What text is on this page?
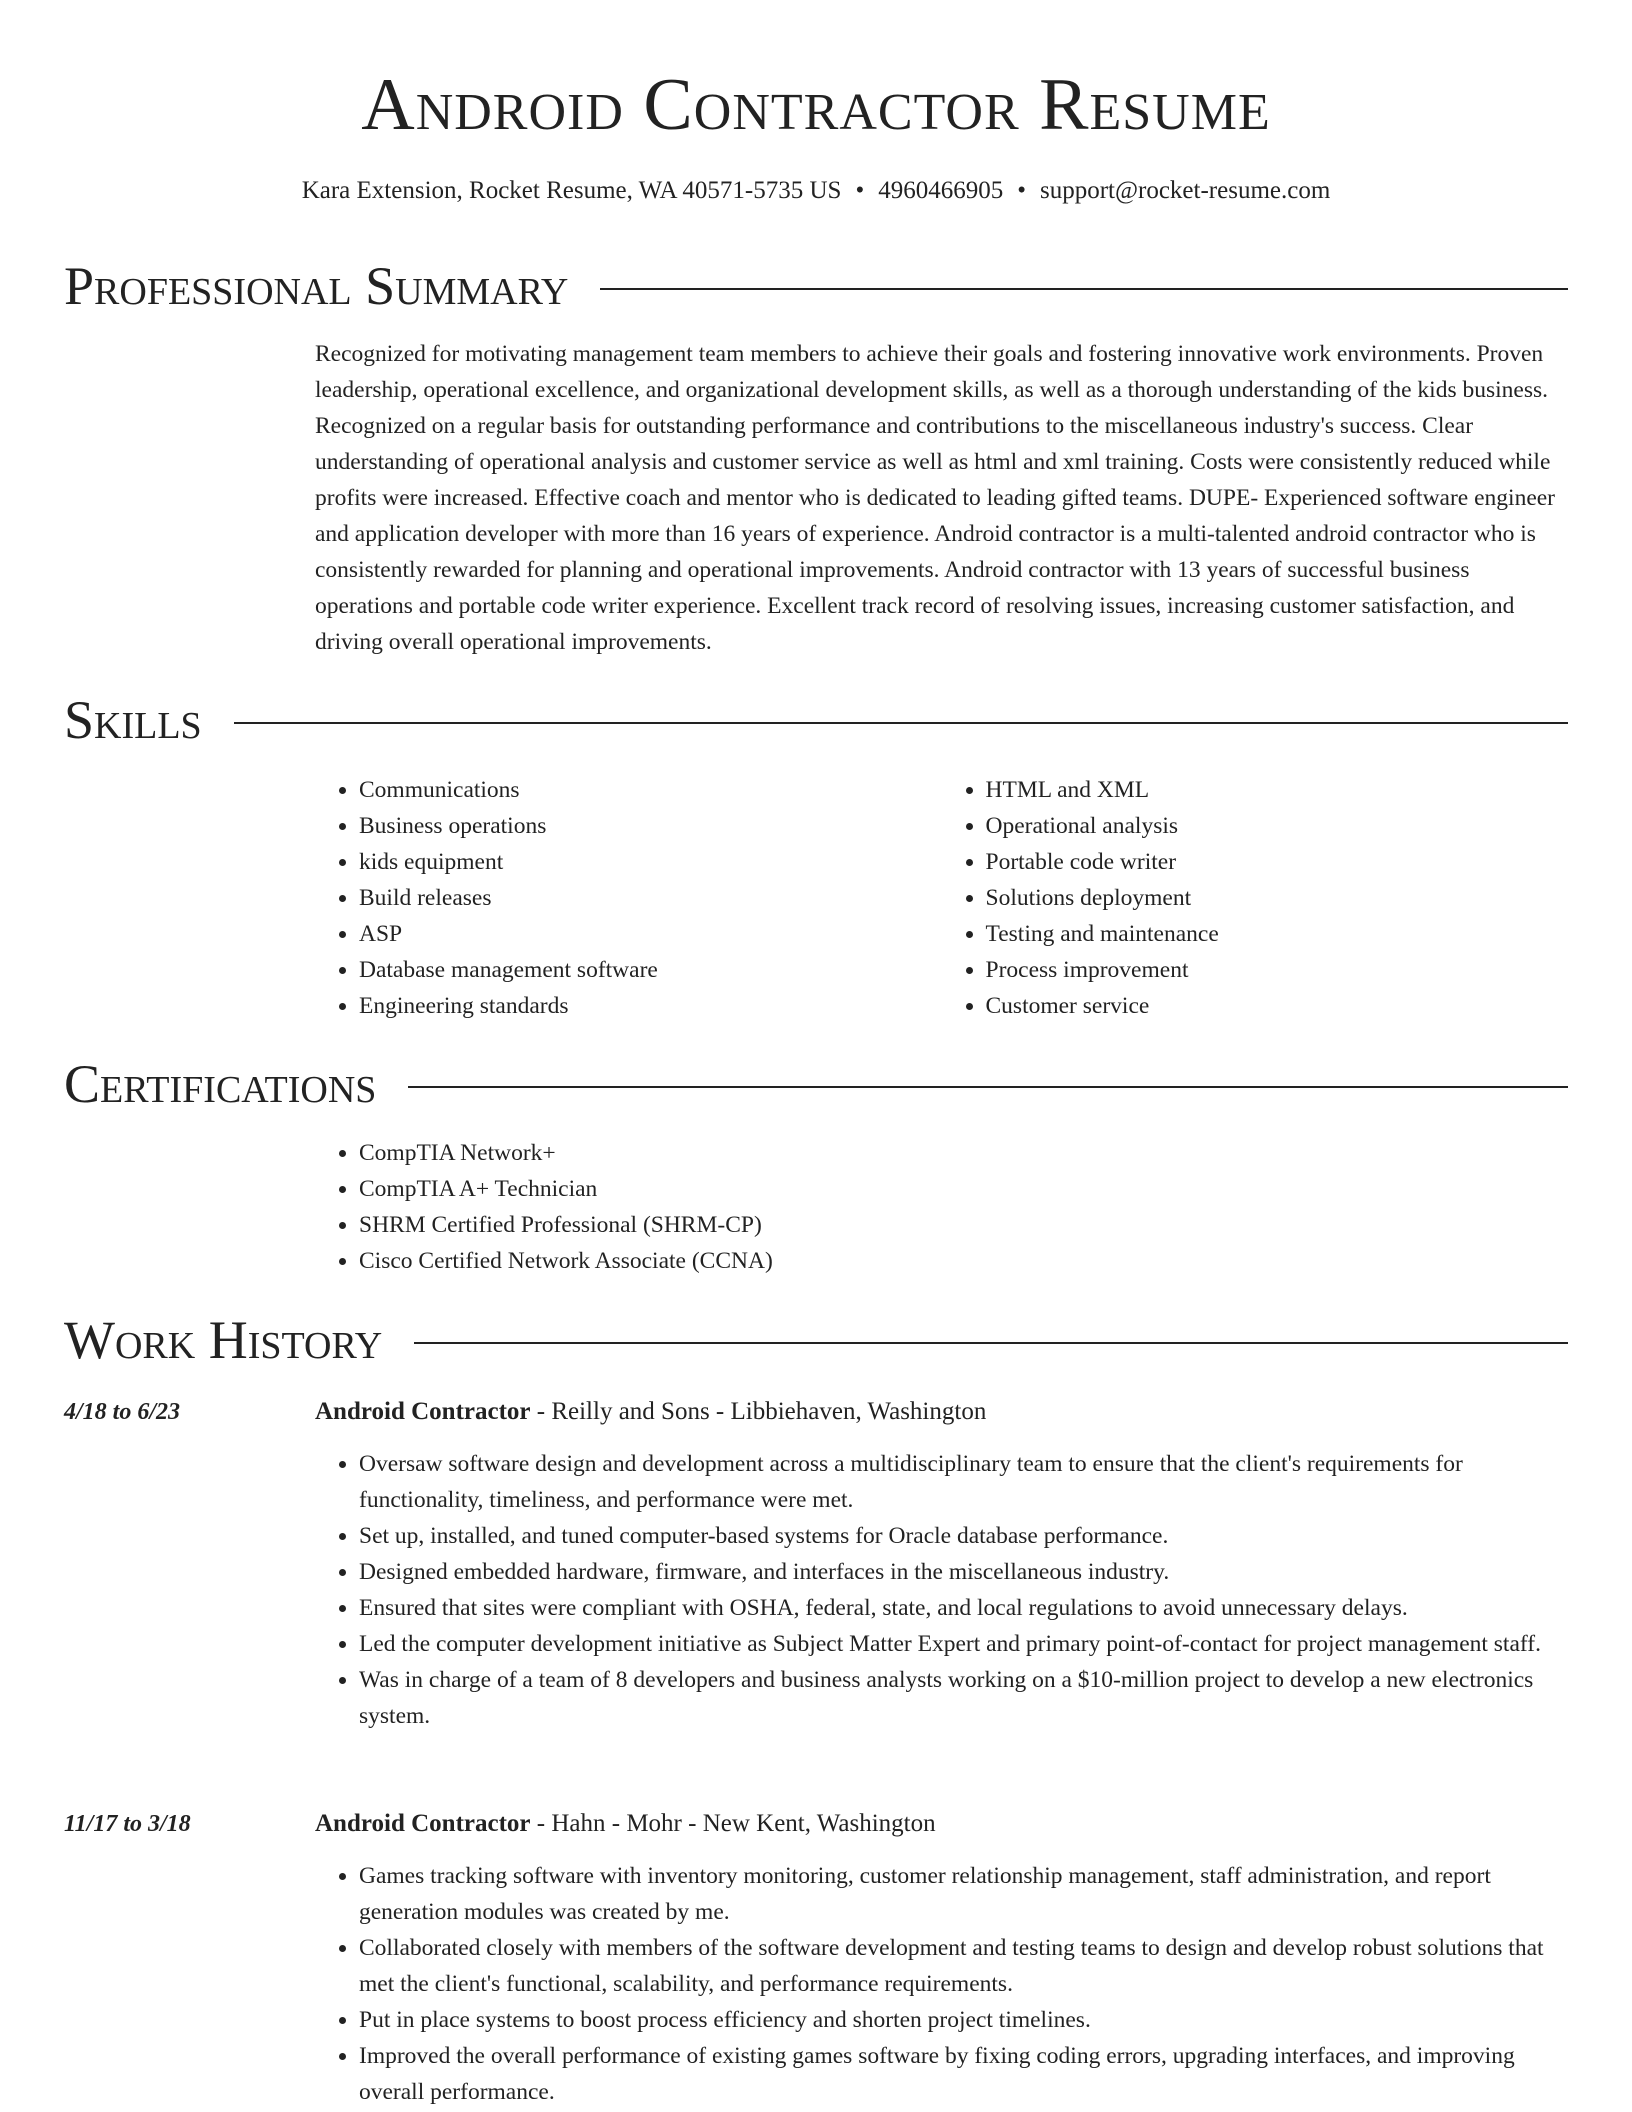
Android Contractor Resume
Kara Extension, Rocket Resume, WA 40571-5735 US • 4960466905 • support@rocket-resume.com
Professional Summary

Recognized for motivating management team members to achieve their goals and fostering innovative work environments. Proven leadership, operational excellence, and organizational development skills, as well as a thorough understanding of the kids business. Recognized on a regular basis for outstanding performance and contributions to the miscellaneous industry's success. Clear understanding of operational analysis and customer service as well as html and xml training. Costs were consistently reduced while profits were increased. Effective coach and mentor who is dedicated to leading gifted teams. DUPE- Experienced software engineer and application developer with more than 16 years of experience. Android contractor is a multi-talented android contractor who is consistently rewarded for planning and operational improvements. Android contractor with 13 years of successful business operations and portable code writer experience. Excellent track record of resolving issues, increasing customer satisfaction, and driving overall operational improvements.

Skills
• Communications
• Business operations
• kids equipment
• Build releases
• ASP
• Database management software
• Engineering standards
• HTML and XML
• Operational analysis
• Portable code writer
• Solutions deployment
• Testing and maintenance
• Process improvement
• Customer service
Certifications
• CompTIA Network+
• CompTIA A+ Technician
• SHRM Certified Professional (SHRM-CP)
• Cisco Certified Network Associate (CCNA)
Work History
4/18 to 6/23	Android Contractor - Reilly and Sons - Libbiehaven, Washington
• Oversaw software design and development across a multidisciplinary team to ensure that the client's requirements for functionality, timeliness, and performance were met.
• Set up, installed, and tuned computer-based systems for Oracle database performance.
• Designed embedded hardware, firmware, and interfaces in the miscellaneous industry.
• Ensured that sites were compliant with OSHA, federal, state, and local regulations to avoid unnecessary delays.
• Led the computer development initiative as Subject Matter Expert and primary point-of-contact for project management staff.
• Was in charge of a team of 8 developers and business analysts working on a $10-million project to develop a new electronics system.
11/17 to 3/18	Android Contractor - Hahn - Mohr - New Kent, Washington
• Games tracking software with inventory monitoring, customer relationship management, staff administration, and report generation modules was created by me.
• Collaborated closely with members of the software development and testing teams to design and develop robust solutions that met the client's functional, scalability, and performance requirements.
• Put in place systems to boost process efficiency and shorten project timelines.
• Improved the overall performance of existing games software by fixing coding errors, upgrading interfaces, and improving overall performance.
